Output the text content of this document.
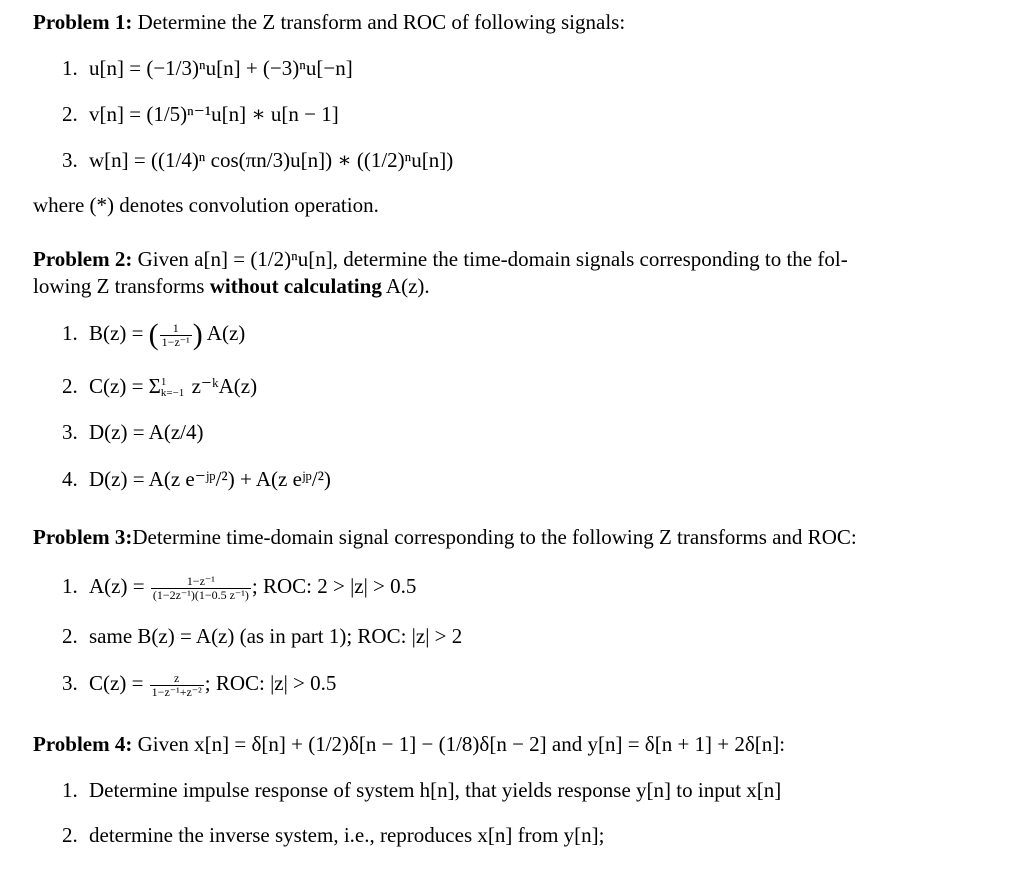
Problem 1: Determine the Z transform and ROC of following signals:
1. u[n] = (−1/3)ⁿu[n] + (−3)ⁿu[−n]
2. v[n] = (1/5)ⁿ⁻¹u[n] ∗ u[n − 1]
3. w[n] = ((1/4)ⁿ cos(πn/3)u[n]) ∗ ((1/2)ⁿu[n])
where (*) denotes convolution operation.
Problem 2: Given a[n] = (1/2)ⁿu[n], determine the time-domain signals corresponding to the fol-
lowing Z transforms without calculating A(z).
1. B(z) = ( $\frac{1}{\text{1−z⁻¹}}$ ) A(z)
2. C(z) = Σ 1
k=−1 z⁻ᵏA(z)
3. D(z) = A(z/4)
4. D(z) = A(z e⁻ʲᵖ/²) + A(z eʲᵖ/²)
Problem 3:Determine time-domain signal corresponding to the following Z transforms and ROC:
1. $A(z) = \frac{\text{1−z⁻¹}}{\text{(1−2z⁻¹)(1−0.5 z⁻¹)}}$ ; ROC: 2 > |z| > 0.5
2. same B(z) = A(z) (as in part 1); ROC: |z| > 2
3. $C(z) = \frac{z}{\text{1−z⁻¹+z⁻²}}$ ; ROC: |z| > 0.5
Problem 4: Given x[n] = δ[n] + (1/2)δ[n − 1] − (1/8)δ[n − 2] and y[n] = δ[n + 1] + 2δ[n]:
1. Determine impulse response of system h[n], that yields response y[n] to input x[n]
2. determine the inverse system, i.e., reproduces x[n] from y[n];
